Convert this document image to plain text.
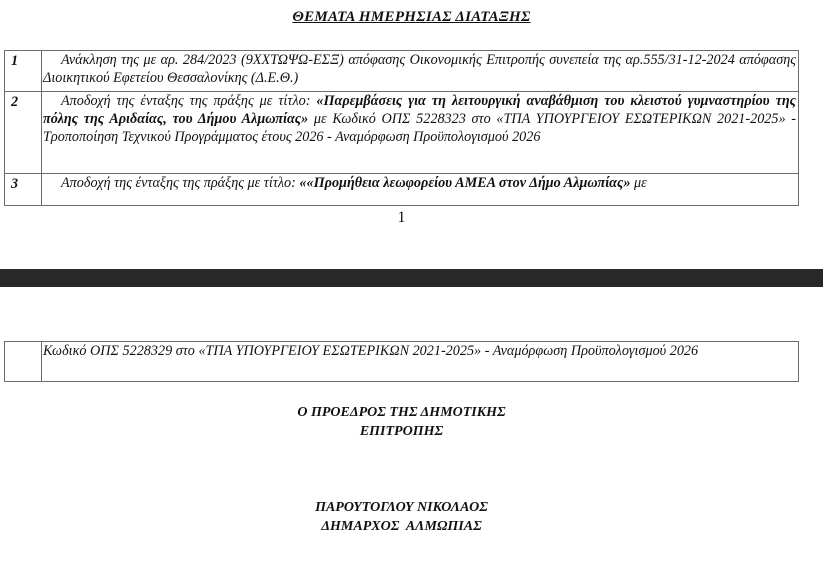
ΘΕΜΑΤΑ ΗΜΕΡΗΣΙΑΣ ΔΙΑΤΑΞΗΣ
1	Ανάκληση της με αρ. 284/2023 (9ΧΧΤΩΨΩ-ΕΣΞ) απόφασης Οικονομικής Επιτροπής συνεπεία της αρ.555/31-12-2024 απόφασης Διοικητικού Εφετείου Θεσσαλονίκης (Δ.Ε.Θ.)
2	Αποδοχή της ένταξης της πράξης με τίτλο: «Παρεμβάσεις για τη λειτουργική αναβάθμιση του κλειστού γυμναστηρίου της πόλης της Αριδαίας, του Δήμου Αλμωπίας» με Κωδικό ΟΠΣ 5228323 στο «ΤΠΑ ΥΠΟΥΡΓΕΙΟΥ ΕΣΩΤΕΡΙΚΩΝ 2021-2025» - Τροποποίηση Τεχνικού Προγράμματος έτους 2026 - Αναμόρφωση Προϋπολογισμού 2026
3	Αποδοχή της ένταξης της πράξης με τίτλο: ««Προμήθεια λεωφορείου ΑΜΕΑ στον Δήμο Αλμωπίας» με
1
	Κωδικό ΟΠΣ 5228329 στο «ΤΠΑ ΥΠΟΥΡΓΕΙΟΥ ΕΣΩΤΕΡΙΚΩΝ 2021-2025» - Αναμόρφωση Προϋπολογισμού 2026
Ο ΠΡΟΕΔΡΟΣ ΤΗΣ ΔΗΜΟΤΙΚΗΣ
ΕΠΙΤΡΟΠΗΣ
ΠΑΡΟΥΤΟΓΛΟΥ ΝΙΚΟΛΑΟΣ
ΔΗΜΑΡΧΟΣ  ΑΛΜΩΠΙΑΣ
